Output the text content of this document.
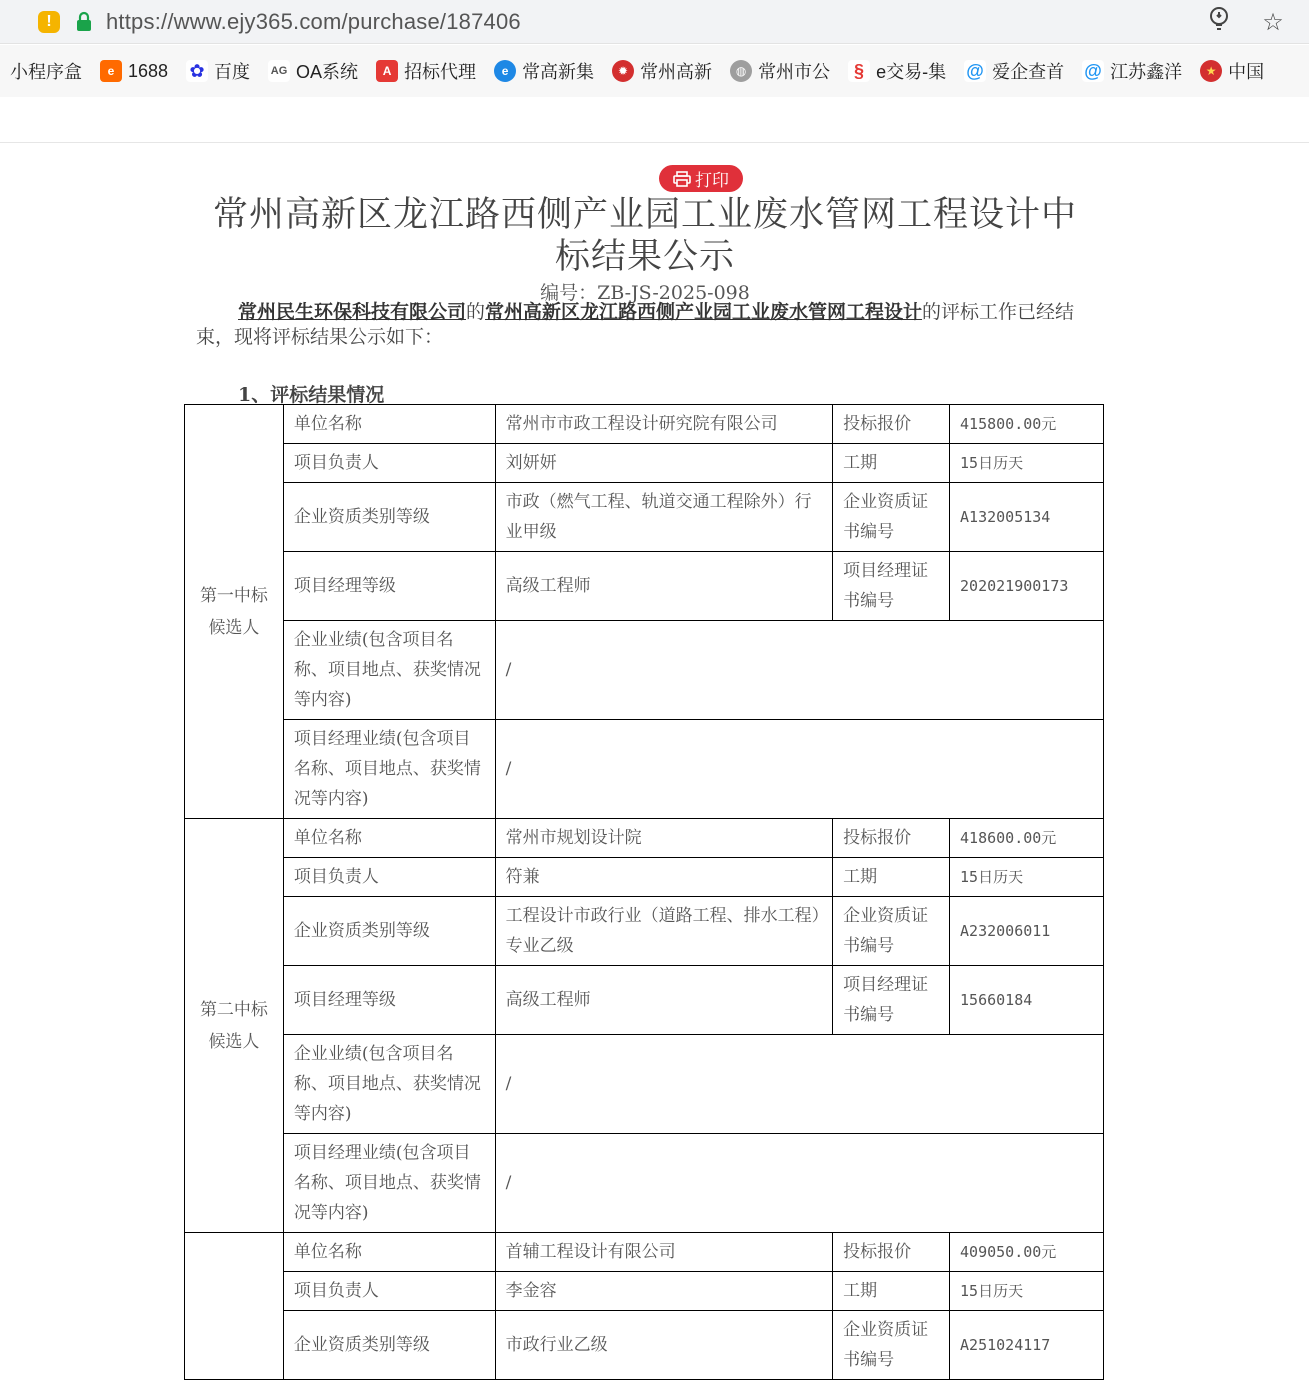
!	https://www.ejy365.com/purchase/187406	☆
小程序盒	e 1688 ✿ 百度 AG OA系统	A 招标代理	e 常高新集	✹ 常州高新	◍ 常州市公	§ e交易-集 @ 爱企查首 @ 江苏鑫洋	★ 中国
打印
常州高新区龙江路西侧产业园工业废水管网工程设计中标结果公示
编号：ZB-JS-2025-098
常州民生环保科技有限公司的常州高新区龙江路西侧产业园工业废水管网工程设计的评标工作已经结束，现将评标结果公示如下：
1、评标结果情况
第一中标候选人	单位名称	常州市市政工程设计研究院有限公司	投标报价	415800.00元
	项目负责人	刘妍妍	工期	15日历天
	企业资质类别等级	市政（燃气工程、轨道交通工程除外）行业甲级	企业资质证书编号	A132005134
	项目经理等级	高级工程师	项目经理证书编号	202021900173
	企业业绩(包含项目名称、项目地点、获奖情况等内容)	/		
	项目经理业绩(包含项目名称、项目地点、获奖情况等内容)	/		
第二中标候选人	单位名称	常州市规划设计院	投标报价	418600.00元
	项目负责人	符兼	工期	15日历天
	企业资质类别等级	工程设计市政行业（道路工程、排水工程）专业乙级	企业资质证书编号	A232006011
	项目经理等级	高级工程师	项目经理证书编号	15660184
	企业业绩(包含项目名称、项目地点、获奖情况等内容)	/		
	项目经理业绩(包含项目名称、项目地点、获奖情况等内容)	/		
	单位名称	首辅工程设计有限公司	投标报价	409050.00元
	项目负责人	李金容	工期	15日历天
	企业资质类别等级	市政行业乙级	企业资质证书编号	A251024117
